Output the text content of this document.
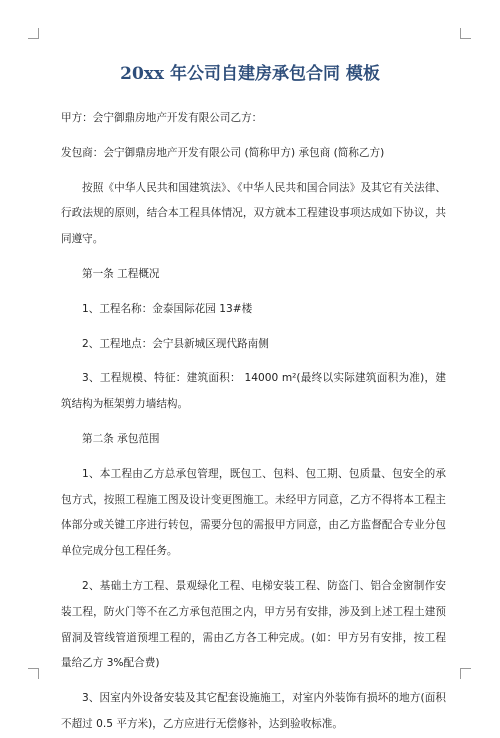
20xx 年公司自建房承包合同 模板

甲方：会宁御鼎房地产开发有限公司乙方：

发包商：会宁御鼎房地产开发有限公司 (简称甲方) 承包商 (简称乙方)

按照《中华人民共和国建筑法》、《中华人民共和国合同法》及其它有关法律、行政法规的原则，结合本工程具体情况，双方就本工程建设事项达成如下协议，共同遵守。

第一条 工程概况

1、工程名称：金泰国际花园 13#楼

2、工程地点：会宁县新城区现代路南侧

3、工程规模、特征：建筑面积： 14000 m²(最终以实际建筑面积为准)，建筑结构为框架剪力墙结构。

第二条 承包范围

1、本工程由乙方总承包管理，既包工、包料、包工期、包质量、包安全的承包方式，按照工程施工图及设计变更图施工。未经甲方同意，乙方不得将本工程主体部分或关键工序进行转包，需要分包的需报甲方同意，由乙方监督配合专业分包单位完成分包工程任务。

2、基础土方工程、景观绿化工程、电梯安装工程、防盗门、铝合金窗制作安装工程，防火门等不在乙方承包范围之内，甲方另有安排，涉及到上述工程土建预留洞及管线管道预埋工程的，需由乙方各工种完成。(如：甲方另有安排，按工程量给乙方 3%配合费)

3、因室内外设备安装及其它配套设施施工，对室内外装饰有损坏的地方(面积不超过 0.5 平方米)，乙方应进行无偿修补，达到验收标准。
